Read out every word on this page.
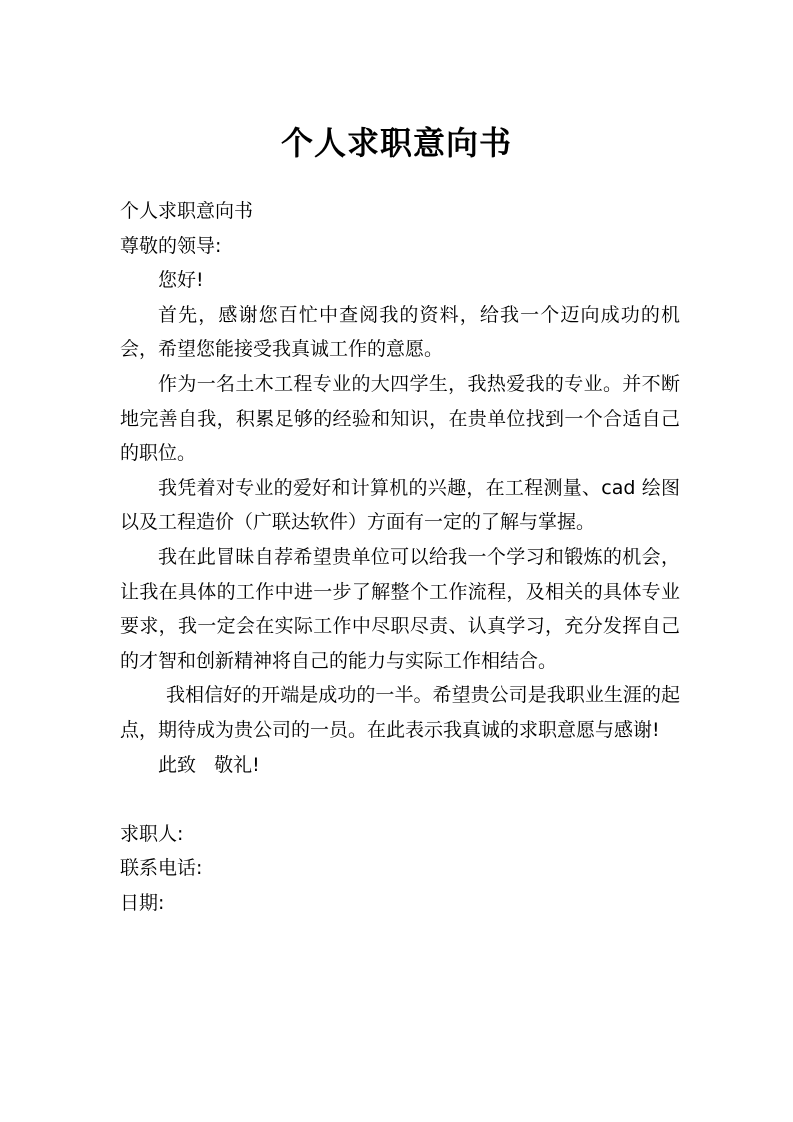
个人求职意向书

个人求职意向书

尊敬的领导:

您好!

首先，感谢您百忙中查阅我的资料，给我一个迈向成功的机会，希望您能接受我真诚工作的意愿。

作为一名土木工程专业的大四学生，我热爱我的专业。并不断地完善自我，积累足够的经验和知识，在贵单位找到一个合适自己的职位。

我凭着对专业的爱好和计算机的兴趣，在工程测量、cad 绘图以及工程造价（广联达软件）方面有一定的了解与掌握。

我在此冒昧自荐希望贵单位可以给我一个学习和锻炼的机会，让我在具体的工作中进一步了解整个工作流程，及相关的具体专业要求，我一定会在实际工作中尽职尽责、认真学习，充分发挥自己的才智和创新精神将自己的能力与实际工作相结合。

我相信好的开端是成功的一半。希望贵公司是我职业生涯的起点，期待成为贵公司的一员。在此表示我真诚的求职意愿与感谢!

此致   敬礼!

求职人:

联系电话:

日期:
